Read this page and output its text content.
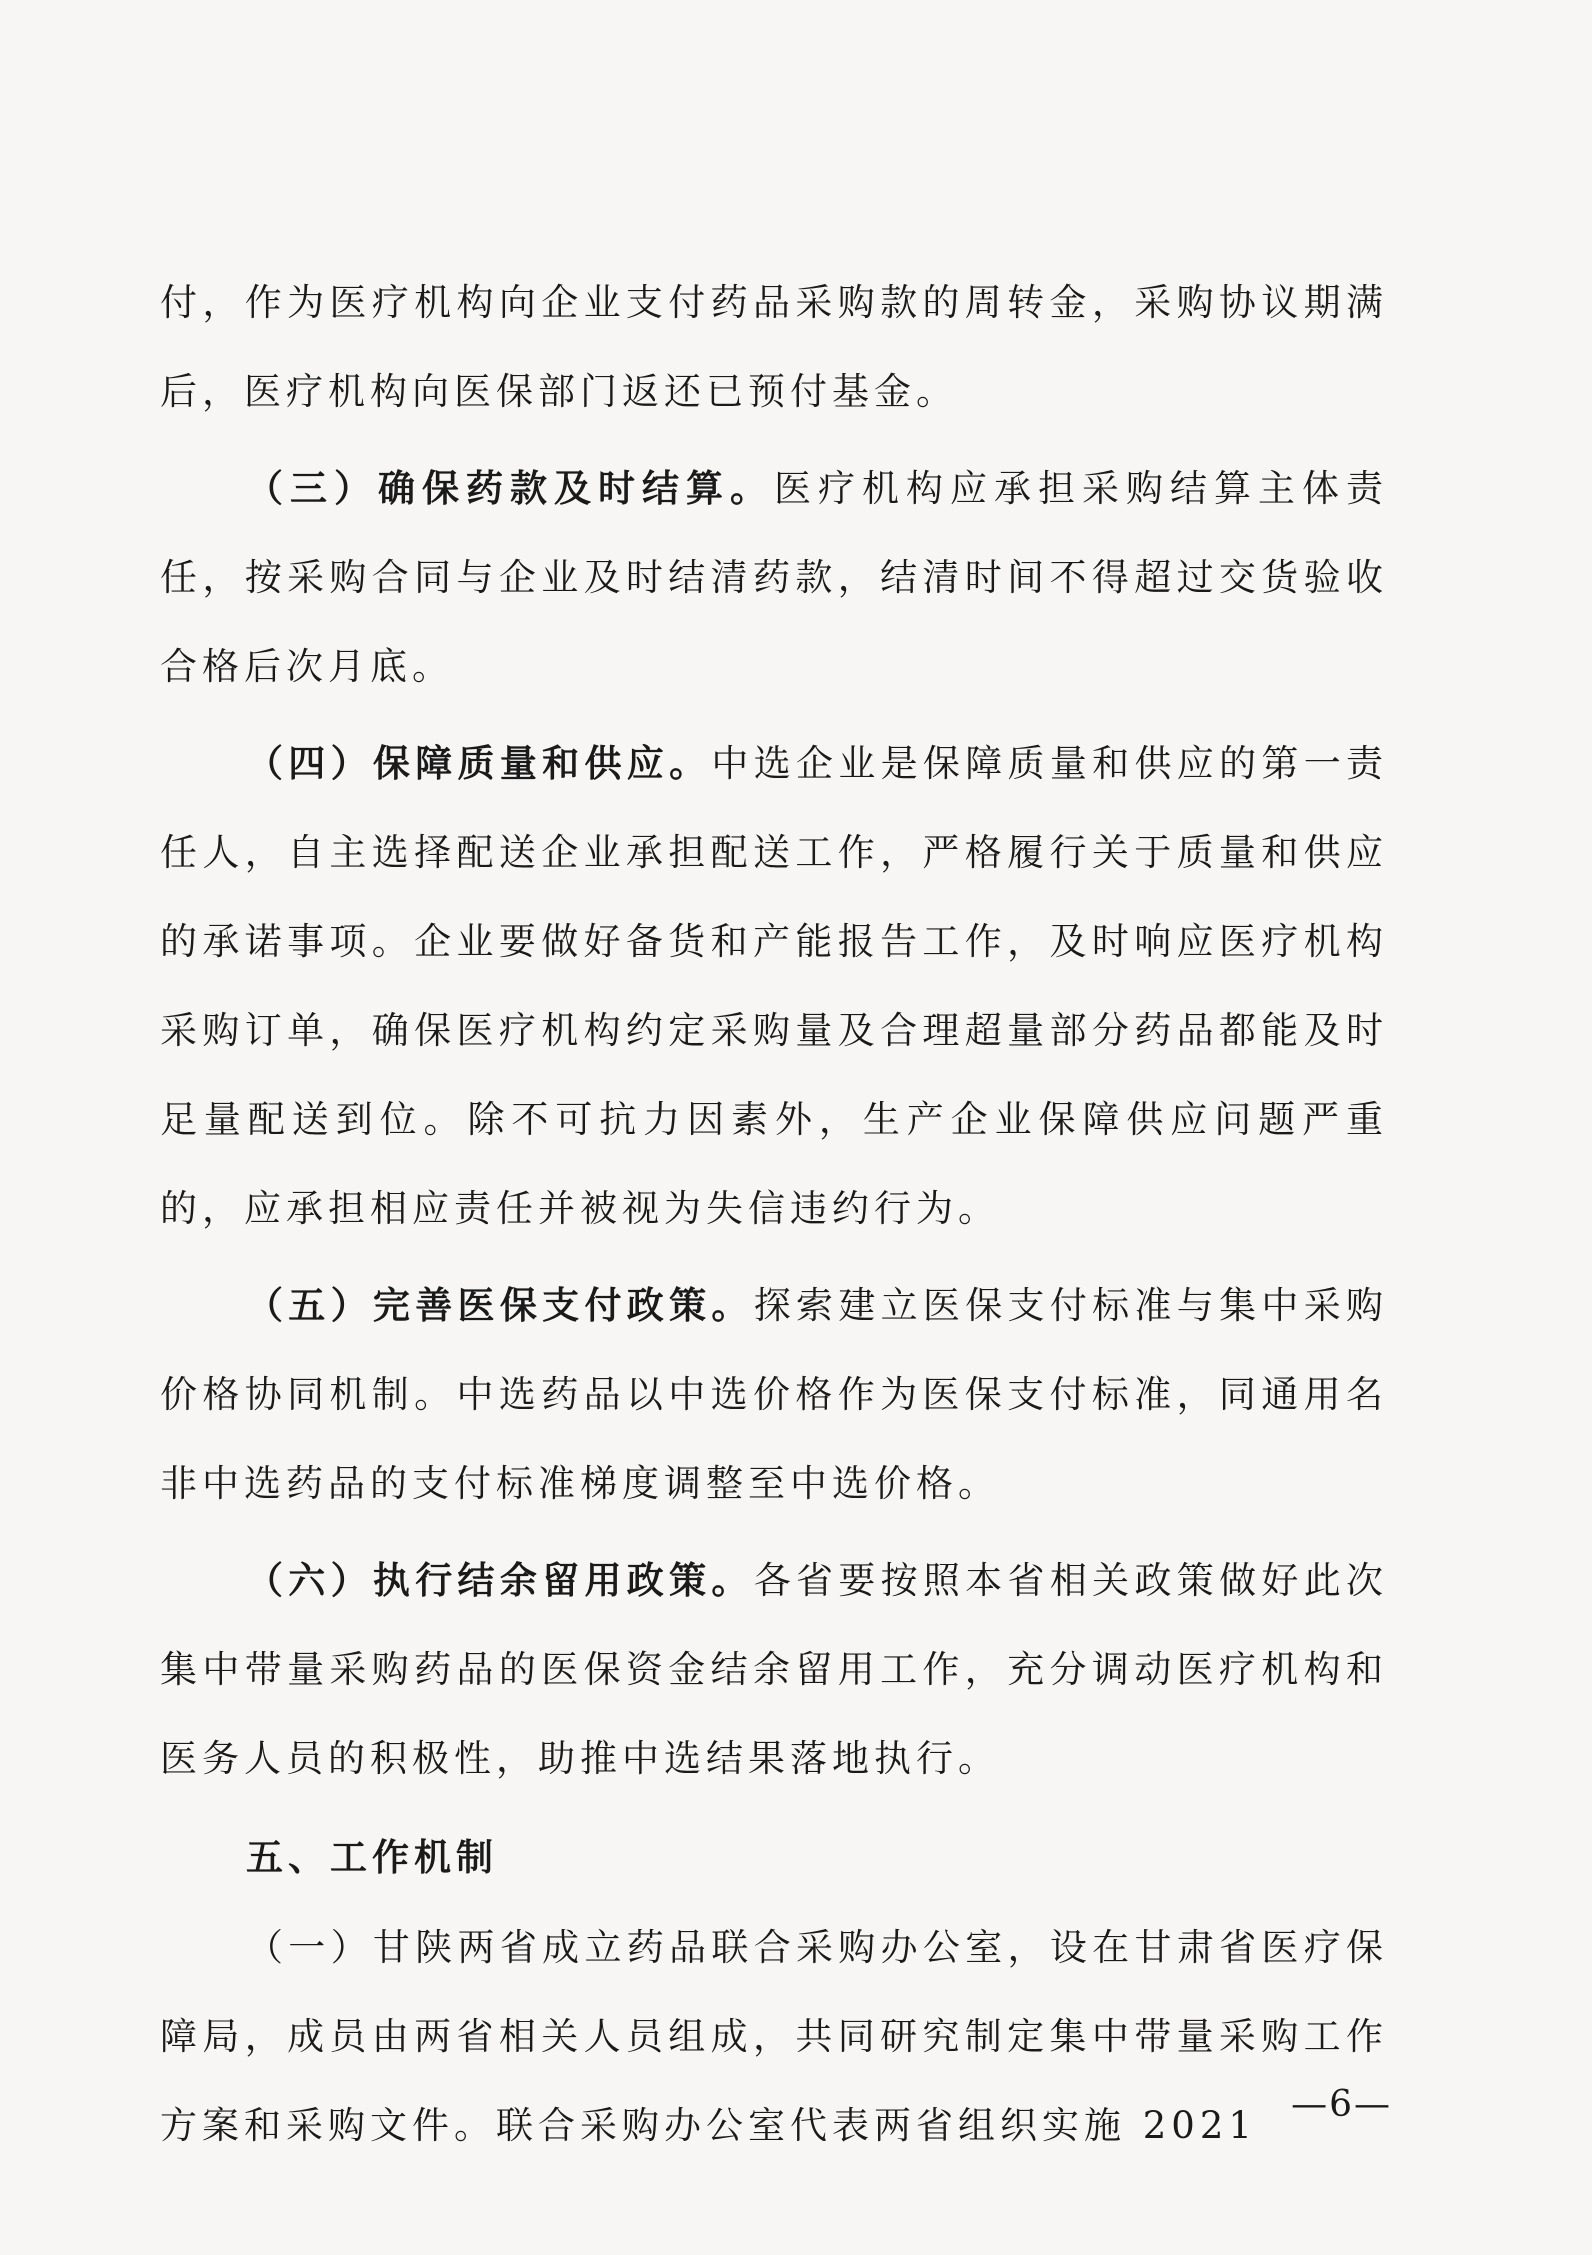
付，作为医疗机构向企业支付药品采购款的周转金，采购协议期满后，医疗机构向医保部门返还已预付基金。

（三）确保药款及时结算。医疗机构应承担采购结算主体责任，按采购合同与企业及时结清药款，结清时间不得超过交货验收合格后次月底。

（四）保障质量和供应。中选企业是保障质量和供应的第一责任人，自主选择配送企业承担配送工作，严格履行关于质量和供应的承诺事项。企业要做好备货和产能报告工作，及时响应医疗机构采购订单，确保医疗机构约定采购量及合理超量部分药品都能及时足量配送到位。除不可抗力因素外，生产企业保障供应问题严重的，应承担相应责任并被视为失信违约行为。

（五）完善医保支付政策。探索建立医保支付标准与集中采购价格协同机制。中选药品以中选价格作为医保支付标准，同通用名非中选药品的支付标准梯度调整至中选价格。

（六）执行结余留用政策。各省要按照本省相关政策做好此次集中带量采购药品的医保资金结余留用工作，充分调动医疗机构和医务人员的积极性，助推中选结果落地执行。

五、工作机制

（一）甘陕两省成立药品联合采购办公室，设在甘肃省医疗保障局，成员由两省相关人员组成，共同研究制定集中带量采购工作方案和采购文件。联合采购办公室代表两省组织实施 2021 —6—
